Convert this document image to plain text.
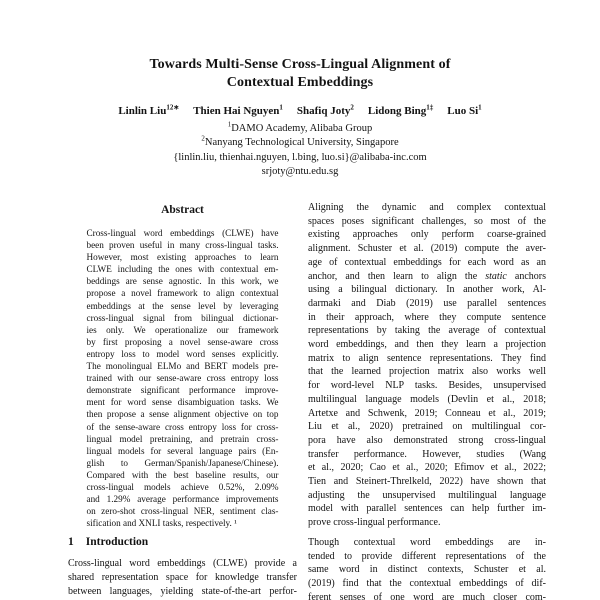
Towards Multi-Sense Cross-Lingual Alignment of
Contextual Embeddings
Linlin Liu$^{12∗}$ Thien Hai Nguyen$^1$ Shafiq Joty$^2$ Lidong Bing$^{1\ddagger}$ Luo Si$^1$
$^1$DAMO Academy, Alibaba Group
$^2$Nanyang Technological University, Singapore
{linlin.liu, thienhai.nguyen, l.bing, luo.si}@alibaba-inc.com
srjoty@ntu.edu.sg
Abstract
Cross-lingual word embeddings (CLWE) have
been proven useful in many cross-lingual tasks.
However, most existing approaches to learn
CLWE including the ones with contextual em-
beddings are sense agnostic. In this work, we
propose a novel framework to align contextual
embeddings at the sense level by leveraging
cross-lingual signal from bilingual dictionar-
ies only. We operationalize our framework
by first proposing a novel sense-aware cross
entropy loss to model word senses explicitly.
The monolingual ELMo and BERT models pre-
trained with our sense-aware cross entropy loss
demonstrate significant performance improve-
ment for word sense disambiguation tasks. We
then propose a sense alignment objective on top
of the sense-aware cross entropy loss for cross-
lingual model pretraining, and pretrain cross-
lingual models for several language pairs (En-
glish to German/Spanish/Japanese/Chinese).
Compared with the best baseline results, our
cross-lingual models achieve 0.52%, 2.09%
and 1.29% average performance improvements
on zero-shot cross-lingual NER, sentiment clas-
sification and XNLI tasks, respectively. ¹
1 Introduction
Cross-lingual word embeddings (CLWE) provide a
shared representation space for knowledge transfer
between languages, yielding state-of-the-art perfor-
Aligning the dynamic and complex contextual
spaces poses significant challenges, so most of the
existing approaches only perform coarse-grained
alignment. Schuster et al. (2019) compute the aver-
age of contextual embeddings for each word as an
anchor, and then learn to align the static anchors
using a bilingual dictionary. In another work, Al-
darmaki and Diab (2019) use parallel sentences
in their approach, where they compute sentence
representations by taking the average of contextual
word embeddings, and then they learn a projection
matrix to align sentence representations. They find
that the learned projection matrix also works well
for word-level NLP tasks. Besides, unsupervised
multilingual language models (Devlin et al., 2018;
Artetxe and Schwenk, 2019; Conneau et al., 2019;
Liu et al., 2020) pretrained on multilingual cor-
pora have also demonstrated strong cross-lingual
transfer performance. However, studies (Wang
et al., 2020; Cao et al., 2020; Efimov et al., 2022;
Tien and Steinert-Threlkeld, 2022) have shown that
adjusting the unsupervised multilingual language
model with parallel sentences can help further im-
prove cross-lingual performance.
Though contextual word embeddings are in-
tended to provide different representations of the
same word in distinct contexts, Schuster et al.
(2019) find that the contextual embeddings of dif-
ferent senses of one word are much closer com-
